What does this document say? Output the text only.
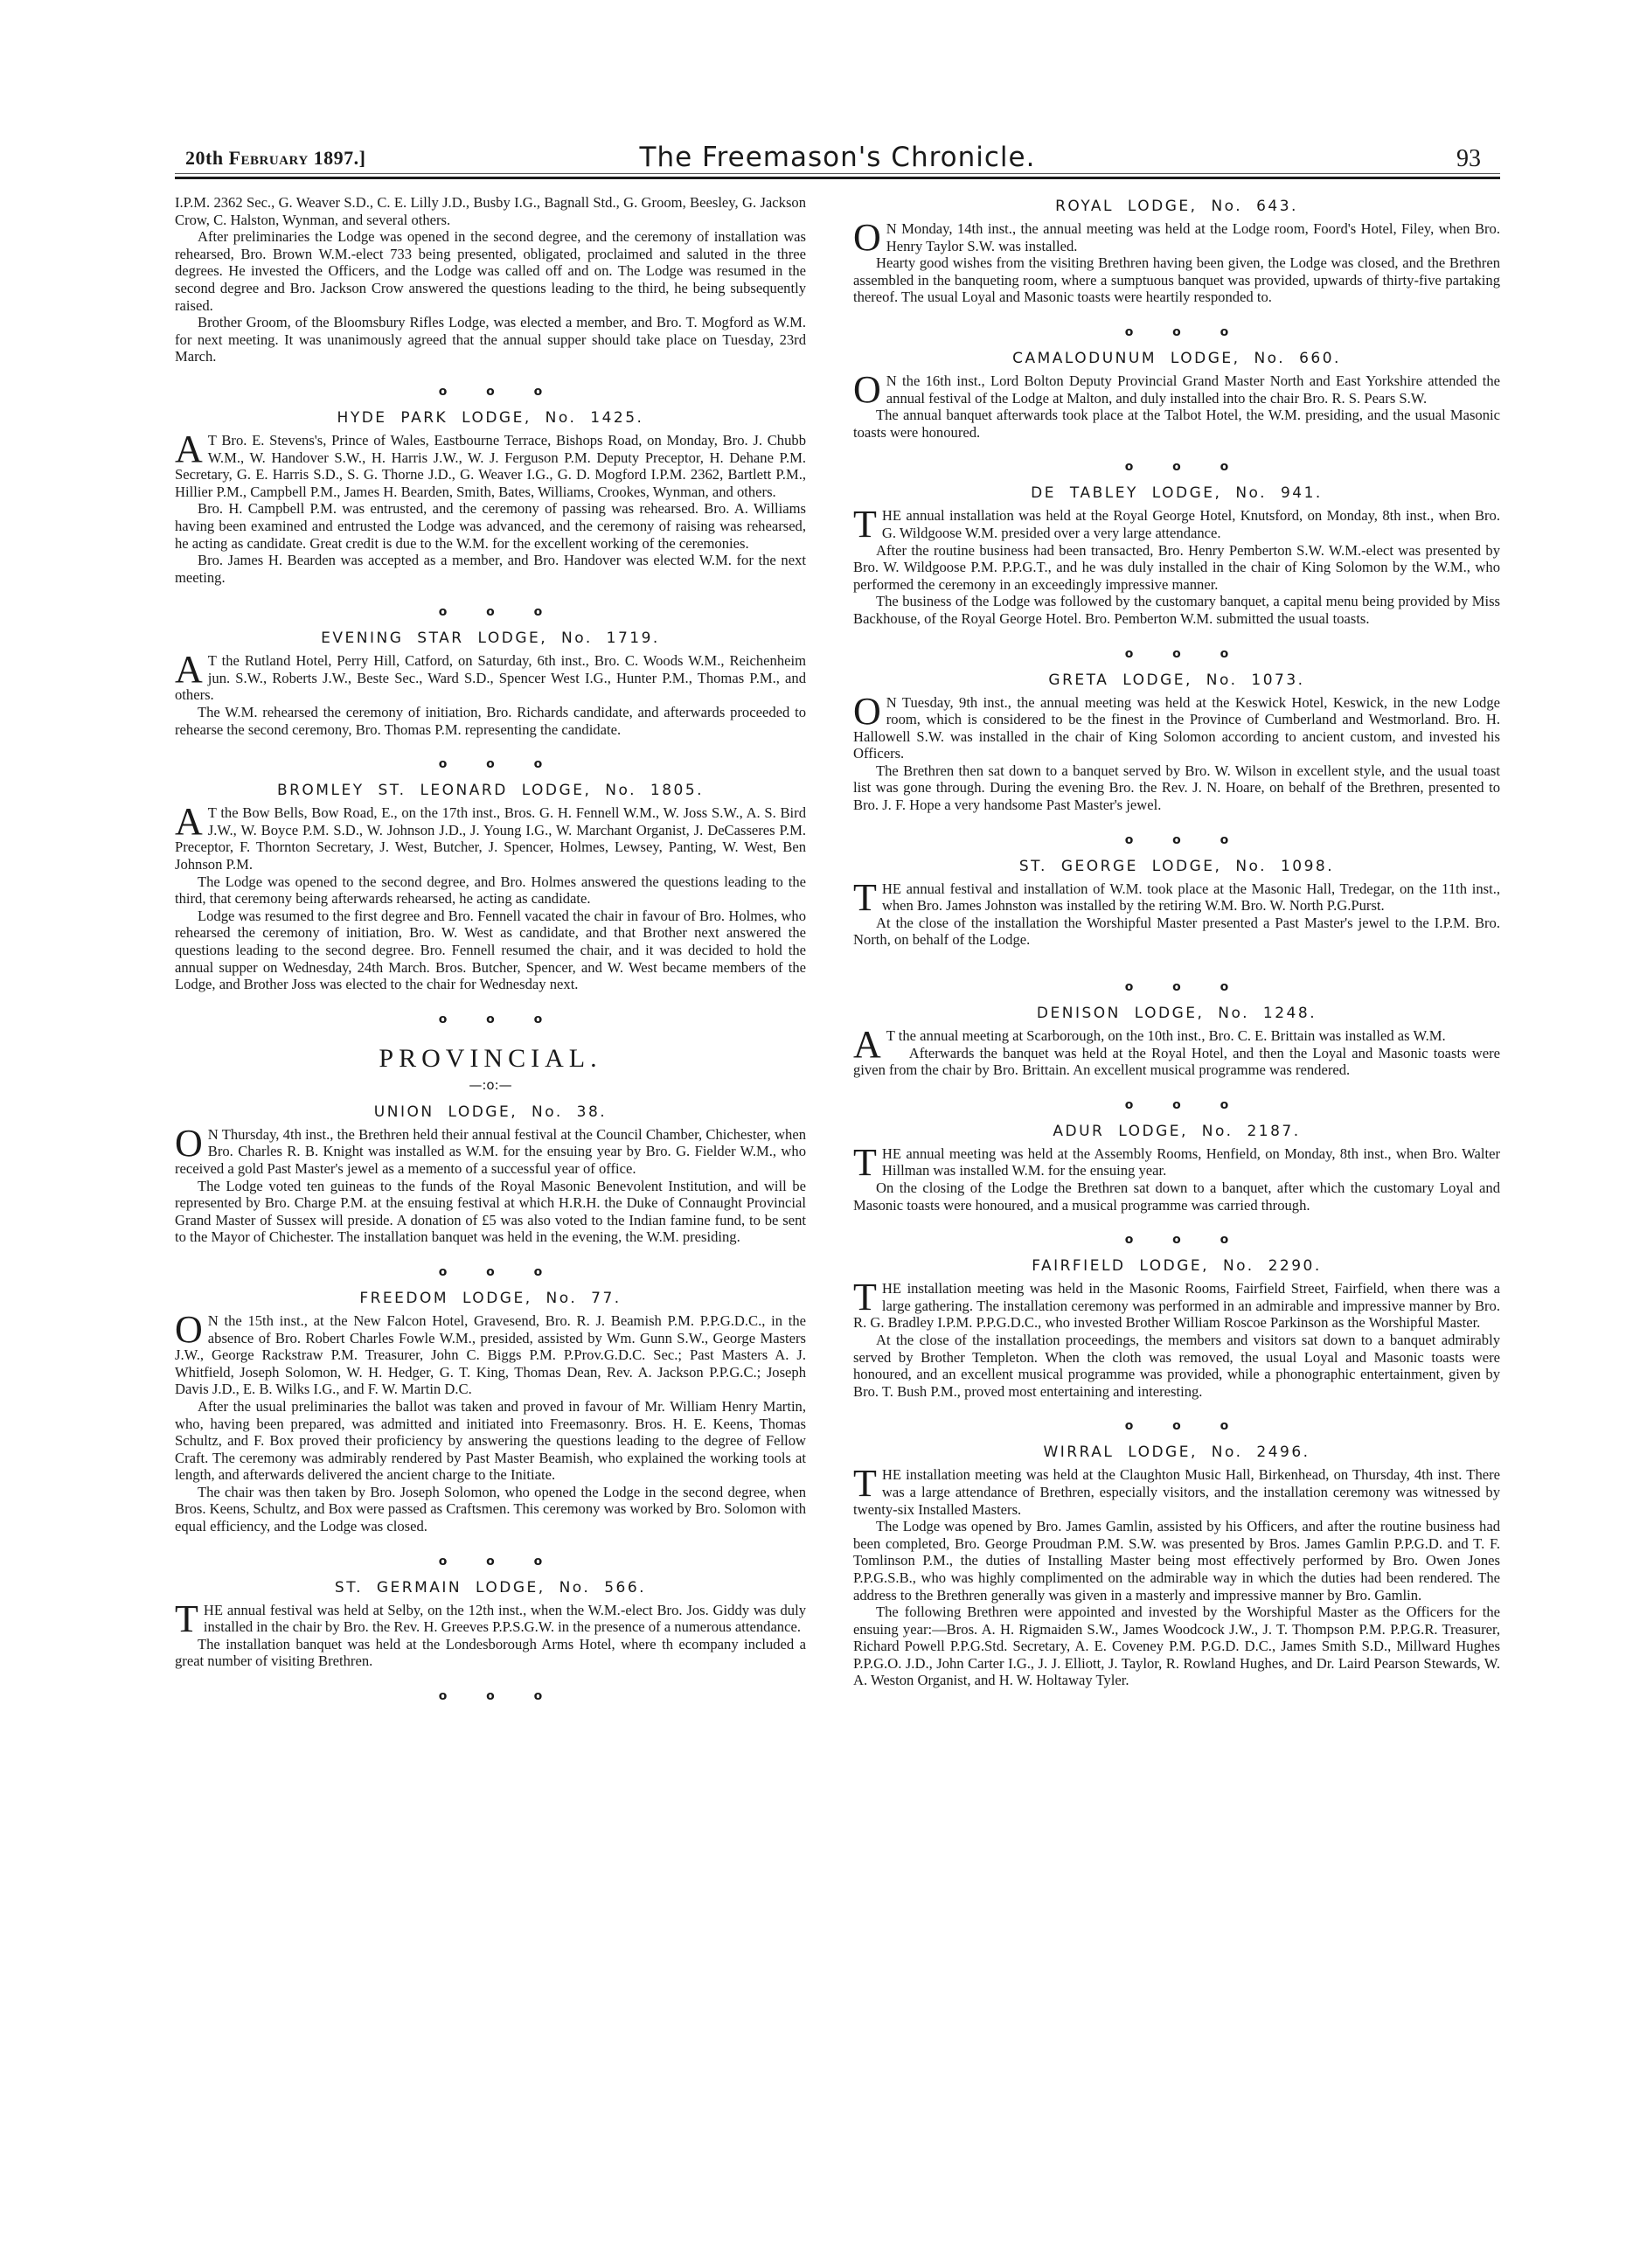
20th February 1897.]	The Freemason's Chronicle.	93

I.P.M. 2362 Sec., G. Weaver S.D., C. E. Lilly J.D., Busby I.G., Bagnall Std., G. Groom, Beesley, G. Jackson Crow, C. Halston, Wynman, and several others.

After preliminaries the Lodge was opened in the second degree, and the ceremony of installation was rehearsed, Bro. Brown W.M.-elect 733 being presented, obligated, proclaimed and saluted in the three degrees. He invested the Officers, and the Lodge was called off and on. The Lodge was resumed in the second degree and Bro. Jackson Crow answered the questions leading to the third, he being subsequently raised.

Brother Groom, of the Bloomsbury Rifles Lodge, was elected a member, and Bro. T. Mogford as W.M. for next meeting. It was unanimously agreed that the annual supper should take place on Tuesday, 23rd March.

o o o
HYDE PARK LODGE, No. 1425.

A T Bro. E. Stevens's, Prince of Wales, Eastbourne Terrace, Bishops Road, on Monday, Bro. J. Chubb W.M., W. Handover S.W., H. Harris J.W., W. J. Ferguson P.M. Deputy Preceptor, H. Dehane P.M. Secretary, G. E. Harris S.D., S. G. Thorne J.D., G. Weaver I.G., G. D. Mogford I.P.M. 2362, Bartlett P.M., Hillier P.M., Campbell P.M., James H. Bearden, Smith, Bates, Williams, Crookes, Wynman, and others.

Bro. H. Campbell P.M. was entrusted, and the ceremony of passing was rehearsed. Bro. A. Williams having been examined and entrusted the Lodge was advanced, and the ceremony of raising was rehearsed, he acting as candidate. Great credit is due to the W.M. for the excellent working of the ceremonies.

Bro. James H. Bearden was accepted as a member, and Bro. Handover was elected W.M. for the next meeting.

o o o
EVENING STAR LODGE, No. 1719.

A T the Rutland Hotel, Perry Hill, Catford, on Saturday, 6th inst., Bro. C. Woods W.M., Reichenheim jun. S.W., Roberts J.W., Beste Sec., Ward S.D., Spencer West I.G., Hunter P.M., Thomas P.M., and others.

The W.M. rehearsed the ceremony of initiation, Bro. Richards candidate, and afterwards proceeded to rehearse the second ceremony, Bro. Thomas P.M. representing the candidate.

o o o
BROMLEY ST. LEONARD LODGE, No. 1805.

A T the Bow Bells, Bow Road, E., on the 17th inst., Bros. G. H. Fennell W.M., W. Joss S.W., A. S. Bird J.W., W. Boyce P.M. S.D., W. Johnson J.D., J. Young I.G., W. Marchant Organist, J. DeCasseres P.M. Preceptor, F. Thornton Secretary, J. West, Butcher, J. Spencer, Holmes, Lewsey, Panting, W. West, Ben Johnson P.M.

The Lodge was opened to the second degree, and Bro. Holmes answered the questions leading to the third, that ceremony being afterwards rehearsed, he acting as candidate.

Lodge was resumed to the first degree and Bro. Fennell vacated the chair in favour of Bro. Holmes, who rehearsed the ceremony of initiation, Bro. W. West as candidate, and that Brother next answered the questions leading to the second degree. Bro. Fennell resumed the chair, and it was decided to hold the annual supper on Wednesday, 24th March. Bros. Butcher, Spencer, and W. West became members of the Lodge, and Brother Joss was elected to the chair for Wednesday next.

o o o
PROVINCIAL.
—:o:—
UNION LODGE, No. 38.

O N Thursday, 4th inst., the Brethren held their annual festival at the Council Chamber, Chichester, when Bro. Charles R. B. Knight was installed as W.M. for the ensuing year by Bro. G. Fielder W.M., who received a gold Past Master's jewel as a memento of a successful year of office.

The Lodge voted ten guineas to the funds of the Royal Masonic Benevolent Institution, and will be represented by Bro. Charge P.M. at the ensuing festival at which H.R.H. the Duke of Connaught Provincial Grand Master of Sussex will preside. A donation of £5 was also voted to the Indian famine fund, to be sent to the Mayor of Chichester. The installation banquet was held in the evening, the W.M. presiding.

o o o
FREEDOM LODGE, No. 77.

O N the 15th inst., at the New Falcon Hotel, Gravesend, Bro. R. J. Beamish P.M. P.P.G.D.C., in the absence of Bro. Robert Charles Fowle W.M., presided, assisted by Wm. Gunn S.W., George Masters J.W., George Rackstraw P.M. Treasurer, John C. Biggs P.M. P.Prov.G.D.C. Sec.; Past Masters A. J. Whitfield, Joseph Solomon, W. H. Hedger, G. T. King, Thomas Dean, Rev. A. Jackson P.P.G.C.; Joseph Davis J.D., E. B. Wilks I.G., and F. W. Martin D.C.

After the usual preliminaries the ballot was taken and proved in favour of Mr. William Henry Martin, who, having been prepared, was admitted and initiated into Freemasonry. Bros. H. E. Keens, Thomas Schultz, and F. Box proved their proficiency by answering the questions leading to the degree of Fellow Craft. The ceremony was admirably rendered by Past Master Beamish, who explained the working tools at length, and afterwards delivered the ancient charge to the Initiate.

The chair was then taken by Bro. Joseph Solomon, who opened the Lodge in the second degree, when Bros. Keens, Schultz, and Box were passed as Craftsmen. This ceremony was worked by Bro. Solomon with equal efficiency, and the Lodge was closed.

o o o
ST. GERMAIN LODGE, No. 566.

THE annual festival was held at Selby, on the 12th inst., when the W.M.-elect Bro. Jos. Giddy was duly installed in the chair by Bro. the Rev. H. Greeves P.P.S.G.W. in the presence of a numerous attendance.

The installation banquet was held at the Londesborough Arms Hotel, where th ecompany included a great number of visiting Brethren.

o o o
ROYAL LODGE, No. 643.

O N Monday, 14th inst., the annual meeting was held at the Lodge room, Foord's Hotel, Filey, when Bro. Henry Taylor S.W. was installed.

Hearty good wishes from the visiting Brethren having been given, the Lodge was closed, and the Brethren assembled in the banqueting room, where a sumptuous banquet was provided, upwards of thirty-five partaking thereof. The usual Loyal and Masonic toasts were heartily responded to.

o o o
CAMALODUNUM LODGE, No. 660.

O N the 16th inst., Lord Bolton Deputy Provincial Grand Master North and East Yorkshire attended the annual festival of the Lodge at Malton, and duly installed into the chair Bro. R. S. Pears S.W.

The annual banquet afterwards took place at the Talbot Hotel, the W.M. presiding, and the usual Masonic toasts were honoured.

o o o
DE TABLEY LODGE, No. 941.

THE annual installation was held at the Royal George Hotel, Knutsford, on Monday, 8th inst., when Bro. G. Wildgoose W.M. presided over a very large attendance.

After the routine business had been transacted, Bro. Henry Pemberton S.W. W.M.-elect was presented by Bro. W. Wildgoose P.M. P.P.G.T., and he was duly installed in the chair of King Solomon by the W.M., who performed the ceremony in an exceedingly impressive manner.

The business of the Lodge was followed by the customary banquet, a capital menu being provided by Miss Backhouse, of the Royal George Hotel. Bro. Pemberton W.M. submitted the usual toasts.

o o o
GRETA LODGE, No. 1073.

O N Tuesday, 9th inst., the annual meeting was held at the Keswick Hotel, Keswick, in the new Lodge room, which is considered to be the finest in the Province of Cumberland and Westmorland. Bro. H. Hallowell S.W. was installed in the chair of King Solomon according to ancient custom, and invested his Officers.

The Brethren then sat down to a banquet served by Bro. W. Wilson in excellent style, and the usual toast list was gone through. During the evening Bro. the Rev. J. N. Hoare, on behalf of the Brethren, presented to Bro. J. F. Hope a very handsome Past Master's jewel.

o o o
ST. GEORGE LODGE, No. 1098.

THE annual festival and installation of W.M. took place at the Masonic Hall, Tredegar, on the 11th inst., when Bro. James Johnston was installed by the retiring W.M. Bro. W. North P.G.Purst.

At the close of the installation the Worshipful Master presented a Past Master's jewel to the I.P.M. Bro. North, on behalf of the Lodge.

o o o
DENISON LODGE, No. 1248.

A T the annual meeting at Scarborough, on the 10th inst., Bro. C. E. Brittain was installed as W.M.

Afterwards the banquet was held at the Royal Hotel, and then the Loyal and Masonic toasts were given from the chair by Bro. Brittain. An excellent musical programme was rendered.

o o o
ADUR LODGE, No. 2187.

THE annual meeting was held at the Assembly Rooms, Henfield, on Monday, 8th inst., when Bro. Walter Hillman was installed W.M. for the ensuing year.

On the closing of the Lodge the Brethren sat down to a banquet, after which the customary Loyal and Masonic toasts were honoured, and a musical programme was carried through.

o o o
FAIRFIELD LODGE, No. 2290.

THE installation meeting was held in the Masonic Rooms, Fairfield Street, Fairfield, when there was a large gathering. The installation ceremony was performed in an admirable and impressive manner by Bro. R. G. Bradley I.P.M. P.P.G.D.C., who invested Brother William Roscoe Parkinson as the Worshipful Master.

At the close of the installation proceedings, the members and visitors sat down to a banquet admirably served by Brother Templeton. When the cloth was removed, the usual Loyal and Masonic toasts were honoured, and an excellent musical programme was provided, while a phonographic entertainment, given by Bro. T. Bush P.M., proved most entertaining and interesting.

o o o
WIRRAL LODGE, No. 2496.

THE installation meeting was held at the Claughton Music Hall, Birkenhead, on Thursday, 4th inst. There was a large attendance of Brethren, especially visitors, and the installation ceremony was witnessed by twenty-six Installed Masters.

The Lodge was opened by Bro. James Gamlin, assisted by his Officers, and after the routine business had been completed, Bro. George Proudman P.M. S.W. was presented by Bros. James Gamlin P.P.G.D. and T. F. Tomlinson P.M., the duties of Installing Master being most effectively performed by Bro. Owen Jones P.P.G.S.B., who was highly complimented on the admirable way in which the duties had been rendered. The address to the Brethren generally was given in a masterly and impressive manner by Bro. Gamlin.

The following Brethren were appointed and invested by the Worshipful Master as the Officers for the ensuing year:—Bros. A. H. Rigmaiden S.W., James Woodcock J.W., J. T. Thompson P.M. P.P.G.R. Treasurer, Richard Powell P.P.G.Std. Secretary, A. E. Coveney P.M. P.G.D. D.C., James Smith S.D., Millward Hughes P.P.G.O. J.D., John Carter I.G., J. J. Elliott, J. Taylor, R. Rowland Hughes, and Dr. Laird Pearson Stewards, W. A. Weston Organist, and H. W. Holtaway Tyler.
